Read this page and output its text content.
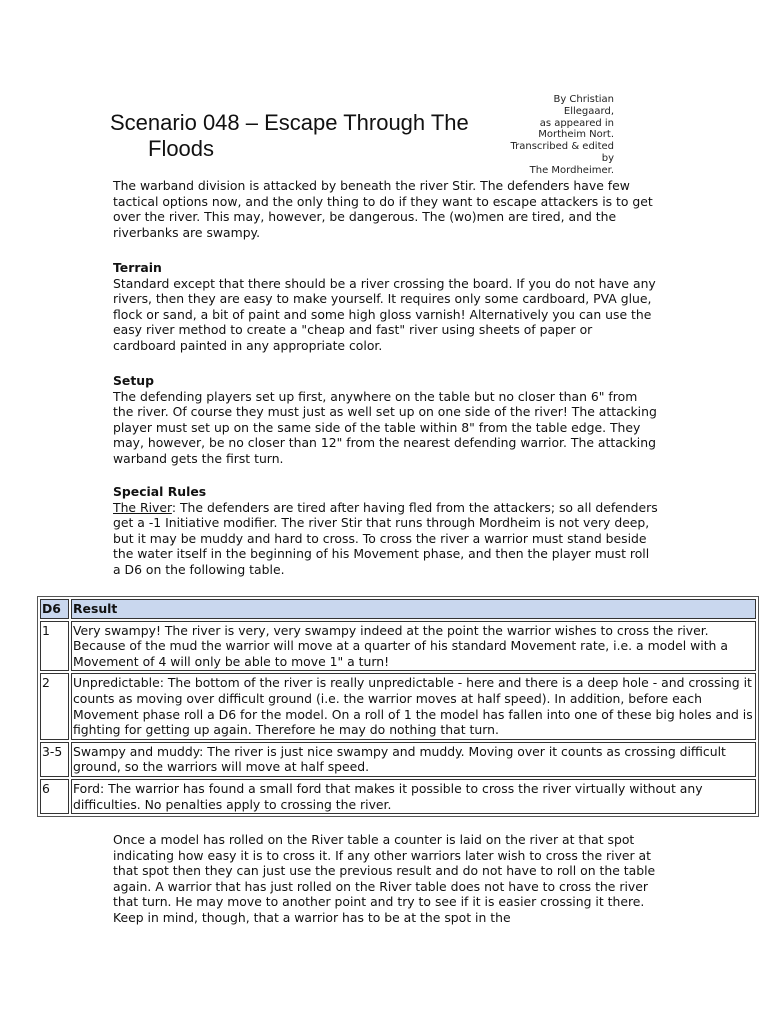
Scenario 048 – Escape Through The
Floods
By Christian
Ellegaard,
as appeared in
Mortheim Nort.
Transcribed & edited
by
The Mordheimer.

The warband division is attacked by beneath the river Stir. The defenders have few tactical options now, and the only thing to do if they want to escape attackers is to get over the river. This may, however, be dangerous. The (wo)men are tired, and the riverbanks are swampy.

Terrain

Standard except that there should be a river crossing the board. If you do not have any rivers, then they are easy to make yourself. It requires only some cardboard, PVA glue, flock or sand, a bit of paint and some high gloss varnish! Alternatively you can use the easy river method to create a "cheap and fast" river using sheets of paper or cardboard painted in any appropriate color.

Setup

The defending players set up first, anywhere on the table but no closer than 6" from the river. Of course they must just as well set up on one side of the river! The attacking player must set up on the same side of the table within 8" from the table edge. They may, however, be no closer than 12" from the nearest defending warrior. The attacking warband gets the first turn.

Special Rules

The River: The defenders are tired after having fled from the attackers; so all defenders get a -1 Initiative modifier. The river Stir that runs through Mordheim is not very deep, but it may be muddy and hard to cross. To cross the river a warrior must stand beside the water itself in the beginning of his Movement phase, and then the player must roll a D6 on the following table.

D6	Result
1	Very swampy! The river is very, very swampy indeed at the point the warrior wishes to cross the river. Because of the mud the warrior will move at a quarter of his standard Movement rate, i.e. a model with a Movement of 4 will only be able to move 1" a turn!
2	Unpredictable: The bottom of the river is really unpredictable - here and there is a deep hole - and crossing it counts as moving over difficult ground (i.e. the warrior moves at half speed). In addition, before each Movement phase roll a D6 for the model. On a roll of 1 the model has fallen into one of these big holes and is fighting for getting up again. Therefore he may do nothing that turn.
3-5	Swampy and muddy: The river is just nice swampy and muddy. Moving over it counts as crossing difficult ground, so the warriors will move at half speed.
6	Ford: The warrior has found a small ford that makes it possible to cross the river virtually without any difficulties. No penalties apply to crossing the river.

Once a model has rolled on the River table a counter is laid on the river at that spot indicating how easy it is to cross it. If any other warriors later wish to cross the river at that spot then they can just use the previous result and do not have to roll on the table again. A warrior that has just rolled on the River table does not have to cross the river that turn. He may move to another point and try to see if it is easier crossing it there. Keep in mind, though, that a warrior has to be at the spot in the
